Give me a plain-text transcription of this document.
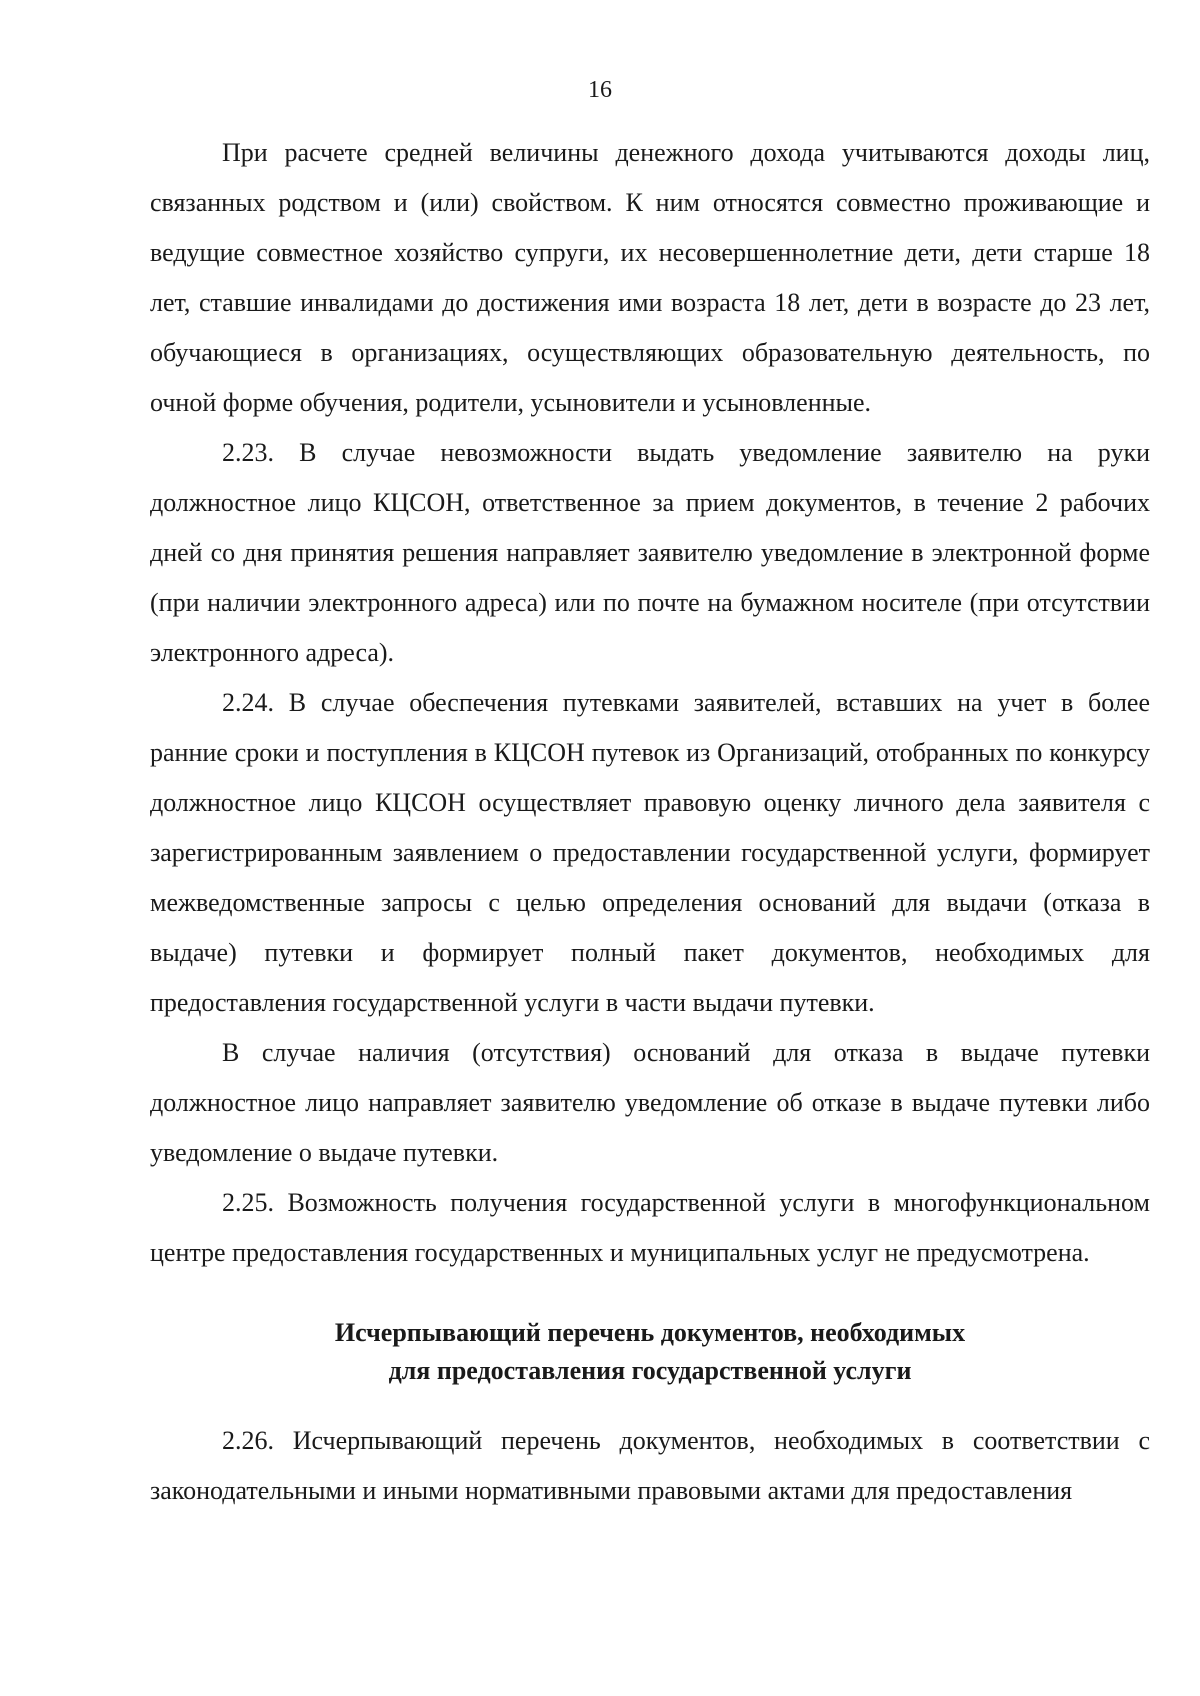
16

При расчете средней величины денежного дохода учитываются доходы лиц, связанных родством и (или) свойством. К ним относятся совместно проживающие и ведущие совместное хозяйство супруги, их несовершеннолетние дети, дети старше 18 лет, ставшие инвалидами до достижения ими возраста 18 лет, дети в возрасте до 23 лет, обучающиеся в организациях, осуществляющих образовательную деятельность, по очной форме обучения, родители, усыновители и усыновленные.

2.23. В случае невозможности выдать уведомление заявителю на руки должностное лицо КЦСОН, ответственное за прием документов, в течение 2 рабочих дней со дня принятия решения направляет заявителю уведомление в электронной форме (при наличии электронного адреса) или по почте на бумажном носителе (при отсутствии электронного адреса).

2.24. В случае обеспечения путевками заявителей, вставших на учет в более ранние сроки и поступления в КЦСОН путевок из Организаций, отобранных по конкурсу должностное лицо КЦСОН осуществляет правовую оценку личного дела заявителя с зарегистрированным заявлением о предоставлении государственной услуги, формирует межведомственные запросы с целью определения оснований для выдачи (отказа в выдаче) путевки и формирует полный пакет документов, необходимых для предоставления государственной услуги в части выдачи путевки.

В случае наличия (отсутствия) оснований для отказа в выдаче путевки должностное лицо направляет заявителю уведомление об отказе в выдаче путевки либо уведомление о выдаче путевки.

2.25. Возможность получения государственной услуги в многофункциональном центре предоставления государственных и муниципальных услуг не предусмотрена.

Исчерпывающий перечень документов, необходимых
для предоставления государственной услуги

2.26. Исчерпывающий перечень документов, необходимых в соответствии с законодательными и иными нормативными правовыми актами для предоставления
